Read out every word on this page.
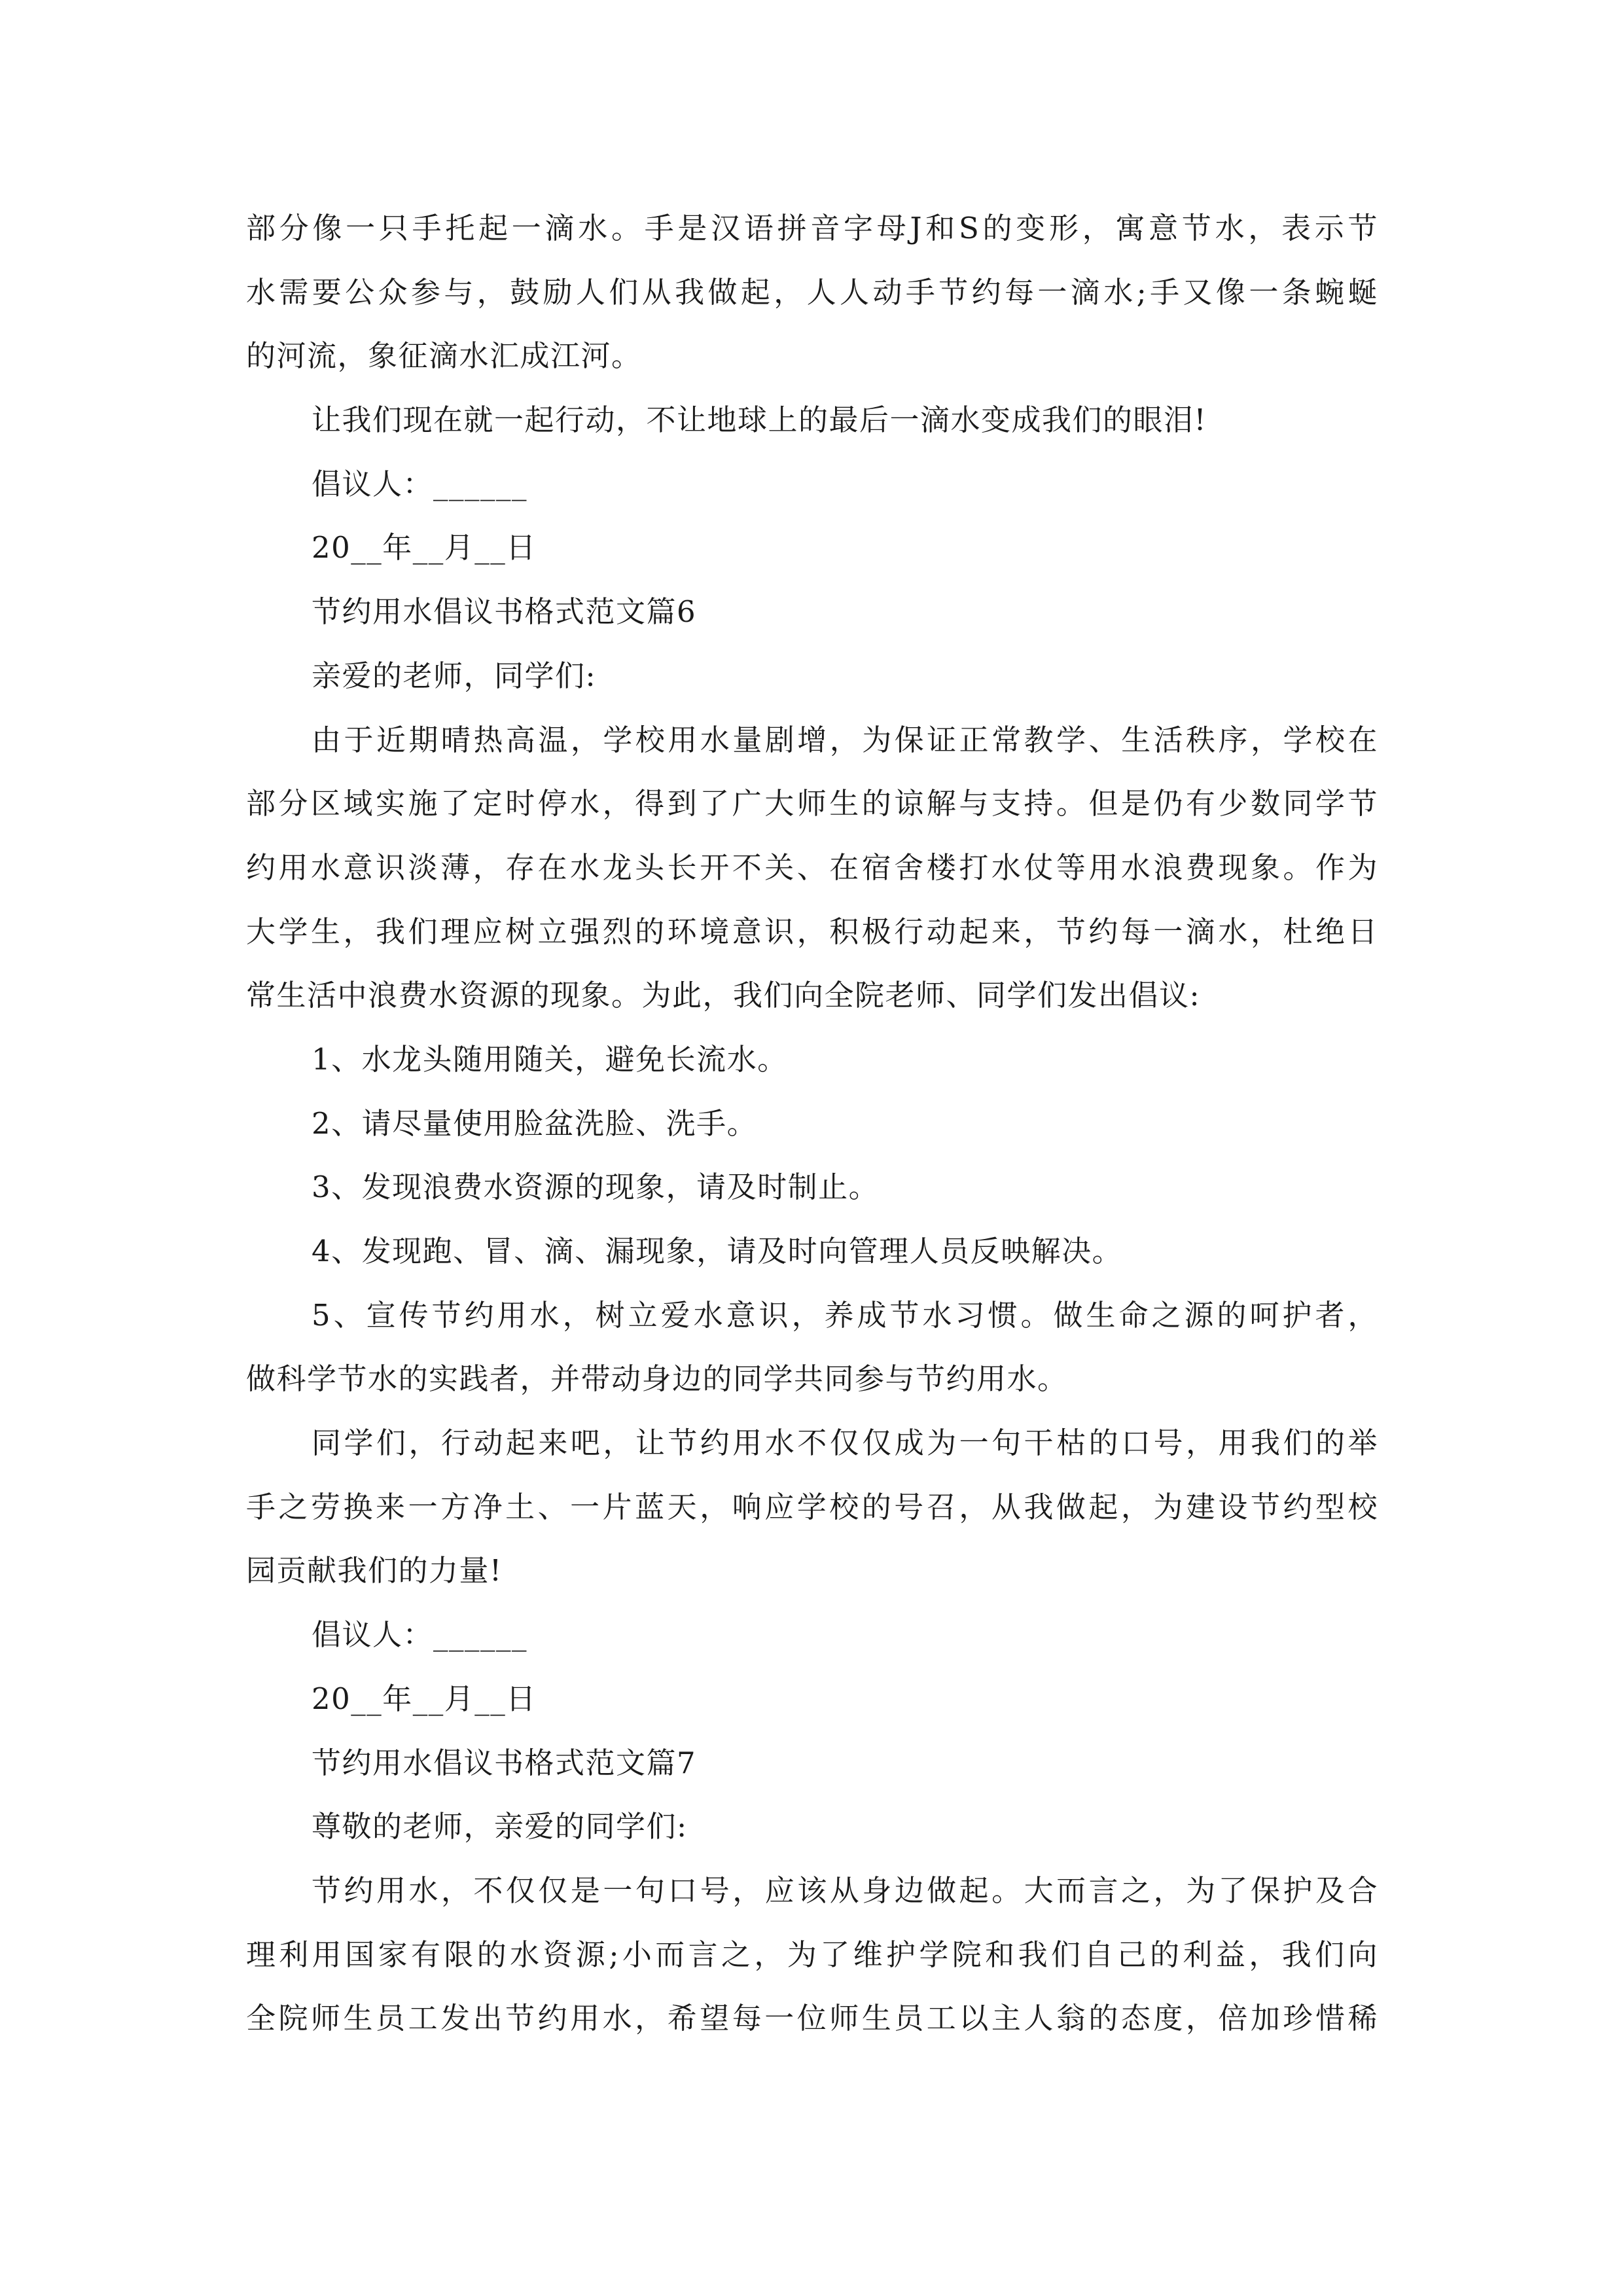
部分像一只手托起一滴水。手是汉语拼音字母J和S的变形，寓意节水，表示节
水需要公众参与，鼓励人们从我做起，人人动手节约每一滴水;手又像一条蜿蜒
的河流，象征滴水汇成江河。
让我们现在就一起行动，不让地球上的最后一滴水变成我们的眼泪!
倡议人：______
20__年__月__日
节约用水倡议书格式范文篇6
亲爱的老师，同学们:
由于近期晴热高温，学校用水量剧增，为保证正常教学、生活秩序，学校在
部分区域实施了定时停水，得到了广大师生的谅解与支持。但是仍有少数同学节
约用水意识淡薄，存在水龙头长开不关、在宿舍楼打水仗等用水浪费现象。作为
大学生，我们理应树立强烈的环境意识，积极行动起来，节约每一滴水，杜绝日
常生活中浪费水资源的现象。为此，我们向全院老师、同学们发出倡议:
1、水龙头随用随关，避免长流水。
2、请尽量使用脸盆洗脸、洗手。
3、发现浪费水资源的现象，请及时制止。
4、发现跑、冒、滴、漏现象，请及时向管理人员反映解决。
5、宣传节约用水，树立爱水意识，养成节水习惯。做生命之源的呵护者，
做科学节水的实践者，并带动身边的同学共同参与节约用水。
同学们，行动起来吧，让节约用水不仅仅成为一句干枯的口号，用我们的举
手之劳换来一方净土、一片蓝天，响应学校的号召，从我做起，为建设节约型校
园贡献我们的力量!
倡议人：______
20__年__月__日
节约用水倡议书格式范文篇7
尊敬的老师，亲爱的同学们:
节约用水，不仅仅是一句口号，应该从身边做起。大而言之，为了保护及合
理利用国家有限的水资源;小而言之，为了维护学院和我们自己的利益，我们向
全院师生员工发出节约用水，希望每一位师生员工以主人翁的态度，倍加珍惜稀
